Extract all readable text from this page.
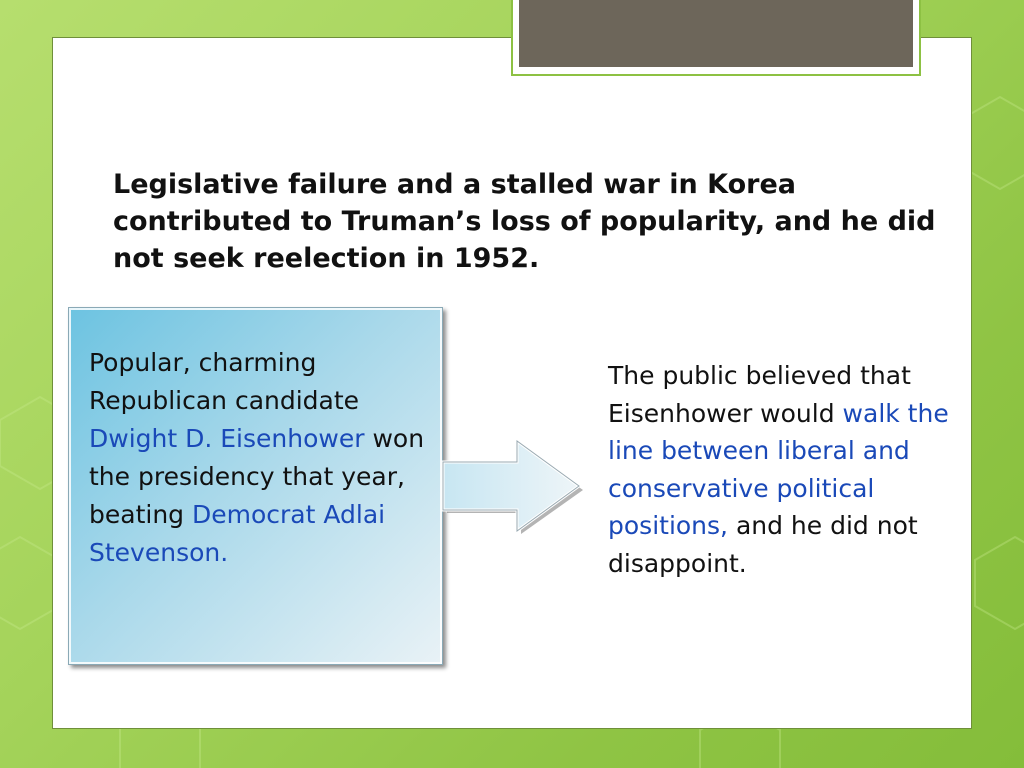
Legislative failure and a stalled war in Korea contributed to Truman’s loss of popularity, and he did not seek reelection in 1952.

Popular, charming Republican candidate Dwight D. Eisenhower won the presidency that year, beating Democrat Adlai Stevenson.

The public believed that Eisenhower would walk the line between liberal and conservative political positions, and he did not disappoint.
